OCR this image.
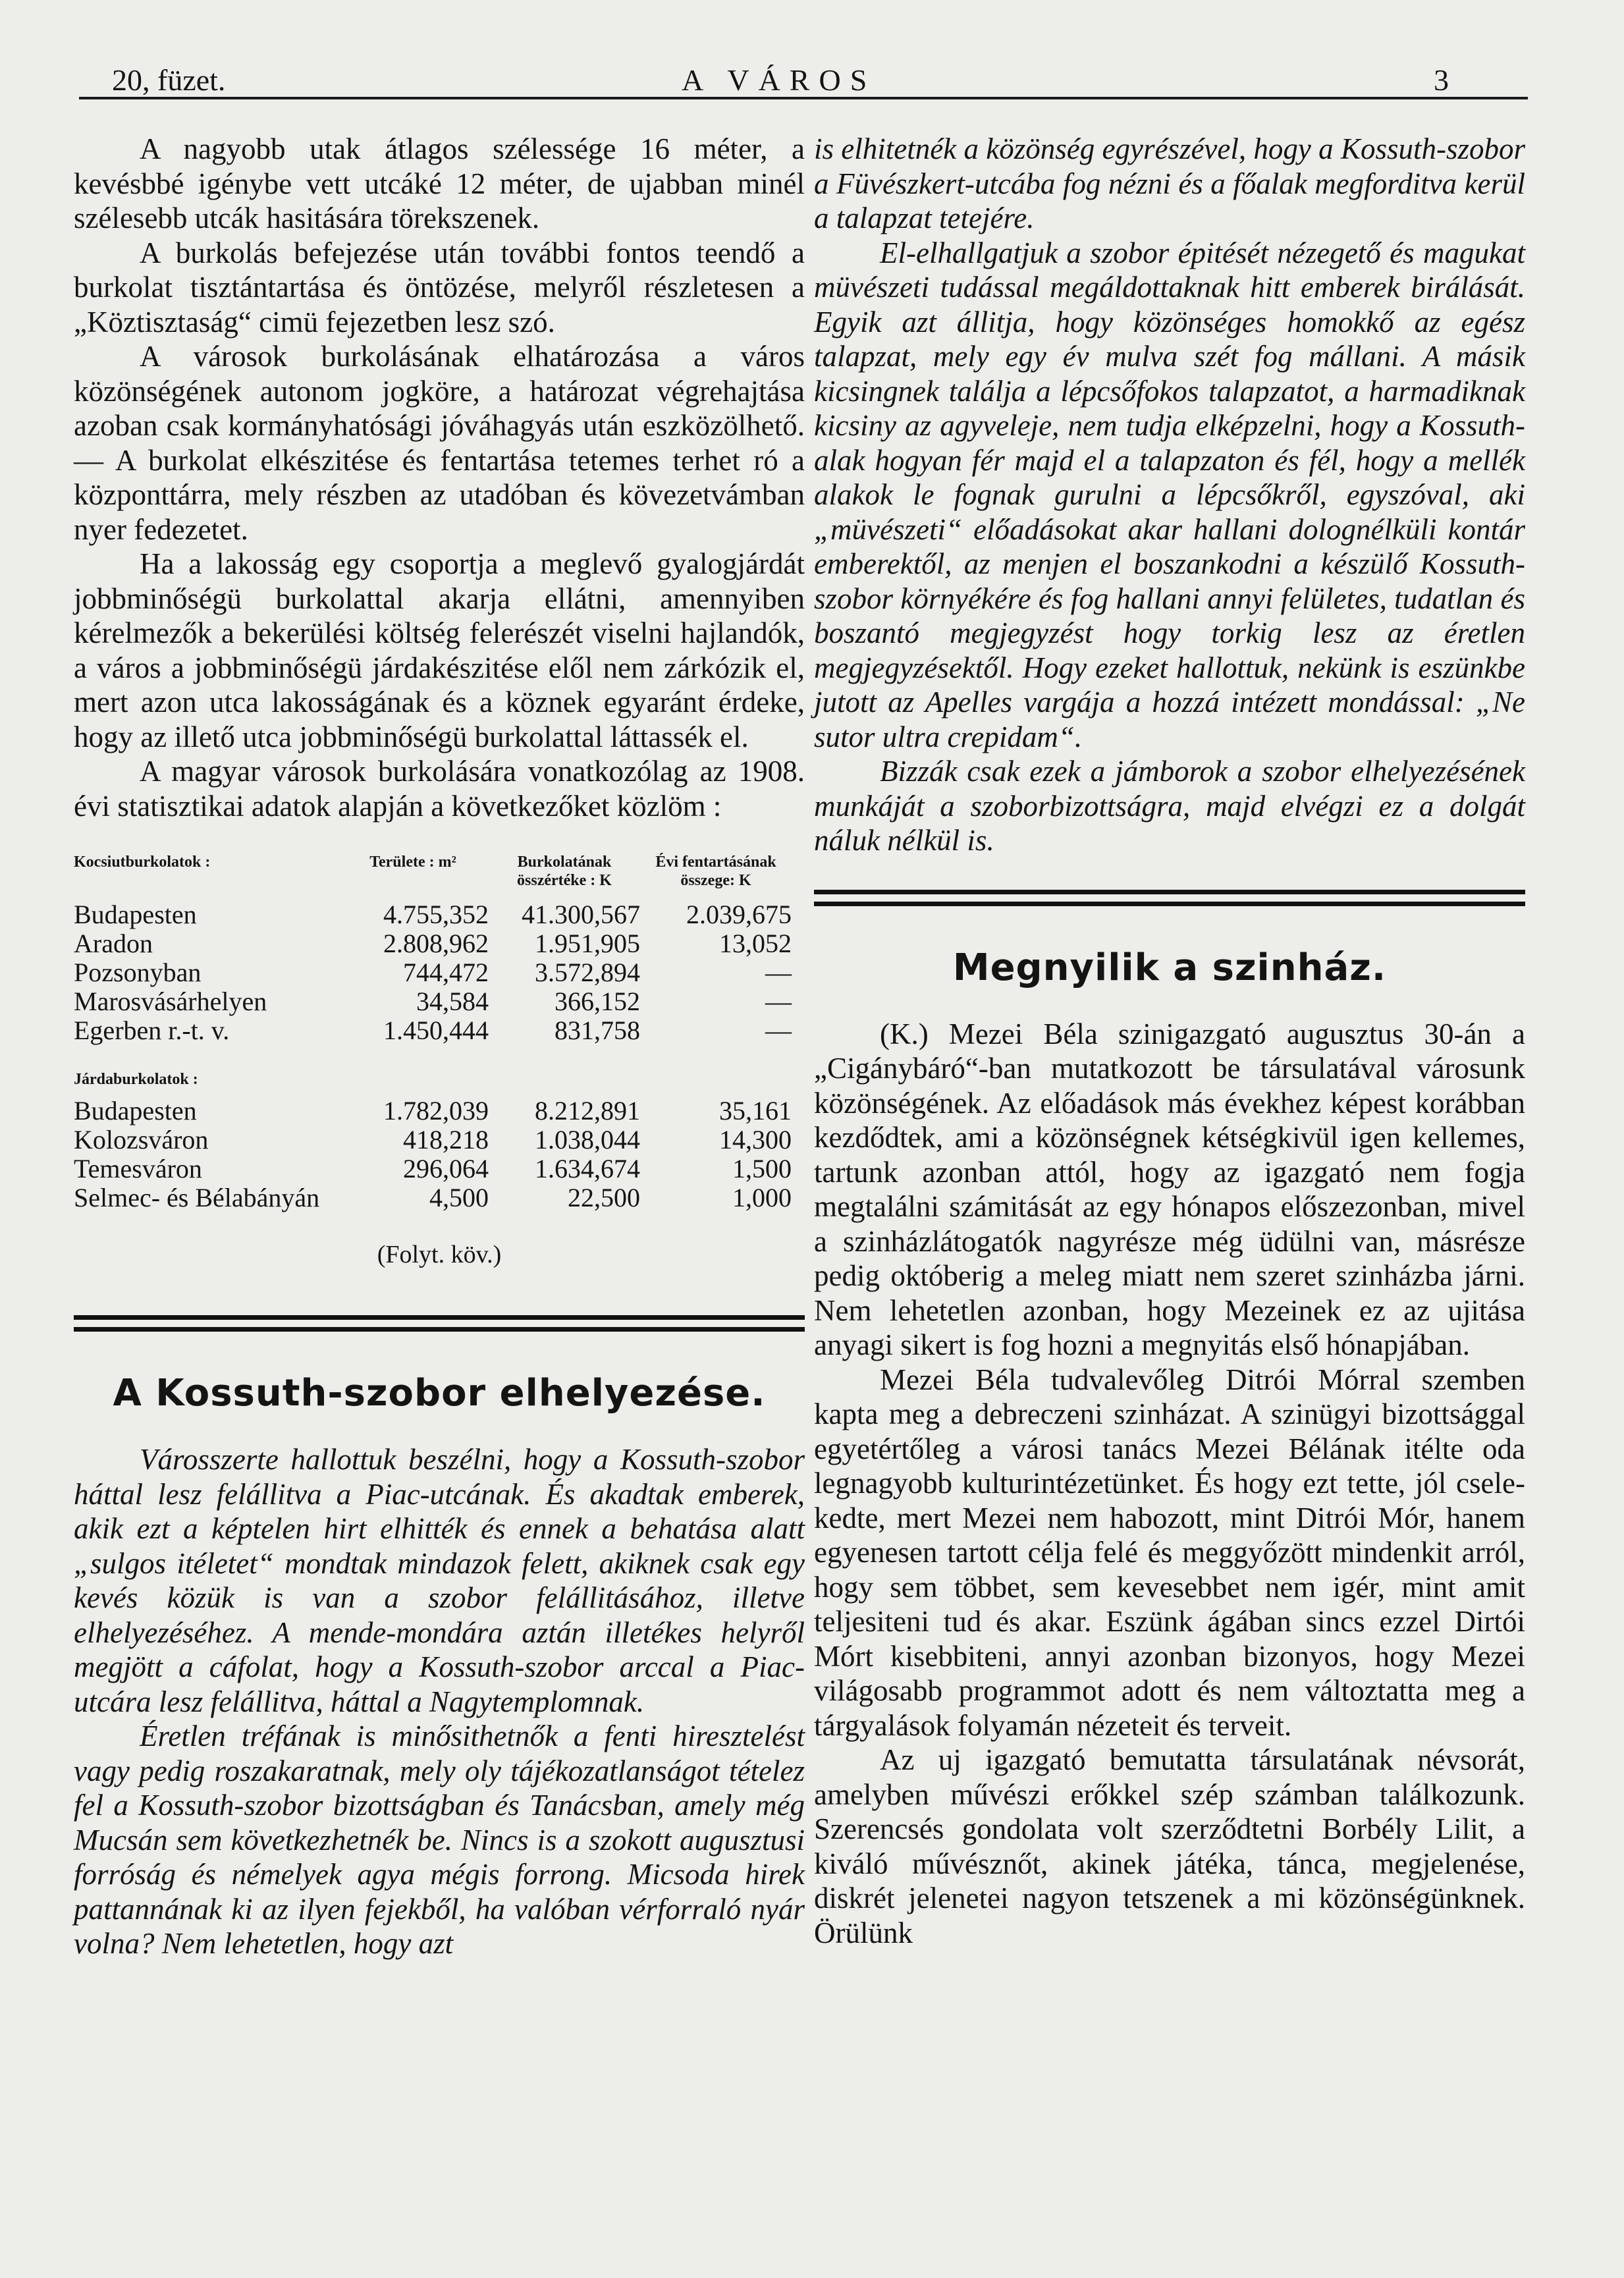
20, füzet.	A VÁROS	3

A nagyobb utak átlagos szélessége 16 méter, a kevésbbé igénybe vett utcáké 12 méter, de ujabban minél szélesebb utcák hasitására törekszenek.

A burkolás befejezése után további fontos teendő a burkolat tisztántartása és öntözése, melyről részletesen a „Köztisztaság“ cimü fejezetben lesz szó.

A városok burkolásának elhatározása a város közönségének autonom jogköre, a határozat végrehajtása azoban csak kormányhatósági jóváhagyás után eszközölhető. — A burkolat elkészitése és fentartása tetemes terhet ró a központtárra, mely részben az utadóban és kövezetvámban nyer fedezetet.

Ha a lakosság egy csoportja a meglevő gyalogjárdát jobbminőségü burkolattal akarja ellátni, amennyiben kérelmezők a bekerülési költség felerészét viselni hajlandók, a város a jobbminőségü járdakészitése elől nem zárkózik el, mert azon utca lakosságának és a köznek egyaránt érdeke, hogy az illető utca jobbminőségü burkolattal láttassék el.

A magyar városok burkolására vonatkozólag az 1908. évi statisztikai adatok alapján a következőket közlöm :

Kocsiutburkolatok :	Területe : m²	Burkolatának összértéke : K	Évi fentartásának összege: K

Budapesten	4.755,352	41.300,567	2.039,675
Aradon	2.808,962	1.951,905	13,052
Pozsonyban	744,472	3.572,894	—
Marosvásárhelyen	34,584	366,152	—
Egerben r.-t. v.	1.450,444	831,758	—
Járdaburkolatok :			
Budapesten	1.782,039	8.212,891	35,161
Kolozsváron	418,218	1.038,044	14,300
Temesváron	296,064	1.634,674	1,500
Selmec- és Bélabányán	4,500	22,500	1,000
(Folyt. köv.)
A Kossuth-szobor elhelyezése.

Városszerte hallottuk beszélni, hogy a Kossuth-szobor háttal lesz felállitva a Piac-utcának. És akadtak emberek, akik ezt a képtelen hirt elhitték és ennek a behatása alatt „sulgos itéletet“ mondtak mindazok felett, akiknek csak egy kevés közük is van a szobor felállitásához, illetve elhelyezéséhez. A mende-mondára aztán illetékes helyről megjött a cáfolat, hogy a Kossuth-szobor arccal a Piac-utcára lesz felállitva, háttal a Nagytemplomnak.

Éretlen tréfának is minősithetnők a fenti hiresztelést vagy pedig roszakaratnak, mely oly tájékozatlanságot tételez fel a Kossuth-szobor bizottságban és Tanácsban, amely még Mucsán sem következhetnék be. Nincs is a szokott augusztusi forróság és némelyek agya mégis forrong. Micsoda hirek pattannának ki az ilyen fejekből, ha valóban vérforraló nyár volna? Nem lehetetlen, hogy azt

is elhitetnék a közönség egyrészével, hogy a Kossuth-szobor a Füvészkert-utcába fog nézni és a főalak megforditva kerül a talapzat tetejére.

El-elhallgatjuk a szobor épitését nézegető és magukat müvészeti tudással megáldottaknak hitt emberek birálását. Egyik azt állitja, hogy közönséges homokkő az egész talapzat, mely egy év mulva szét fog mállani. A másik kicsingnek találja a lépcsőfokos talapzatot, a harmadiknak kicsiny az agyveleje, nem tudja elképzelni, hogy a Kossuth-alak hogyan fér majd el a talapzaton és fél, hogy a mellék alakok le fognak gurulni a lépcsőkről, egyszóval, aki „müvészeti“ előadásokat akar hallani dolognélküli kontár emberektől, az menjen el boszankodni a készülő Kossuth-szobor környékére és fog hallani annyi felületes, tudatlan és boszantó megjegyzést hogy torkig lesz az éretlen megjegyzésektől. Hogy ezeket hallottuk, nekünk is eszünkbe jutott az Apelles vargája a hozzá intézett mondással: „Ne sutor ultra crepidam“.

Bizzák csak ezek a jámborok a szobor elhelyezésének munkáját a szoborbizottságra, majd elvégzi ez a dolgát náluk nélkül is.

Megnyilik a szinház.

(K.) Mezei Béla szinigazgató augusztus 30-án a „Cigánybáró“-ban mutatkozott be társulatával városunk közönségének. Az előadások más évekhez képest korábban kezdődtek, ami a közönségnek kétségkivül igen kellemes, tartunk azonban attól, hogy az igazgató nem fogja megtalálni számitását az egy hónapos előszezonban, mivel a szinházlátogatók nagyrésze még üdülni van, másrésze pedig októberig a meleg miatt nem szeret szinházba járni. Nem lehetetlen azonban, hogy Mezeinek ez az ujitása anyagi sikert is fog hozni a megnyitás első hónapjában.

Mezei Béla tudvalevőleg Ditrói Mórral szemben kapta meg a debreczeni szinházat. A szinügyi bizottsággal egyetértőleg a városi tanács Mezei Bélának itélte oda legnagyobb kulturintézetünket. És hogy ezt tette, jól cselekedte, mert Mezei nem habozott, mint Ditrói Mór, hanem egyenesen tartott célja felé és meggyőzött mindenkit arról, hogy sem többet, sem kevesebbet nem igér, mint amit teljesiteni tud és akar. Eszünk ágában sincs ezzel Dirtói Mórt kisebbiteni, annyi azonban bizonyos, hogy Mezei világosabb programmot adott és nem változtatta meg a tárgyalások folyamán nézeteit és terveit.

Az uj igazgató bemutatta társulatának névsorát, amelyben művészi erőkkel szép számban találkozunk. Szerencsés gondolata volt szerződtetni Borbély Lilit, a kiváló művésznőt, akinek játéka, tánca, megjelenése, diskrét jelenetei nagyon tetszenek a mi közönségünknek. Örülünk
